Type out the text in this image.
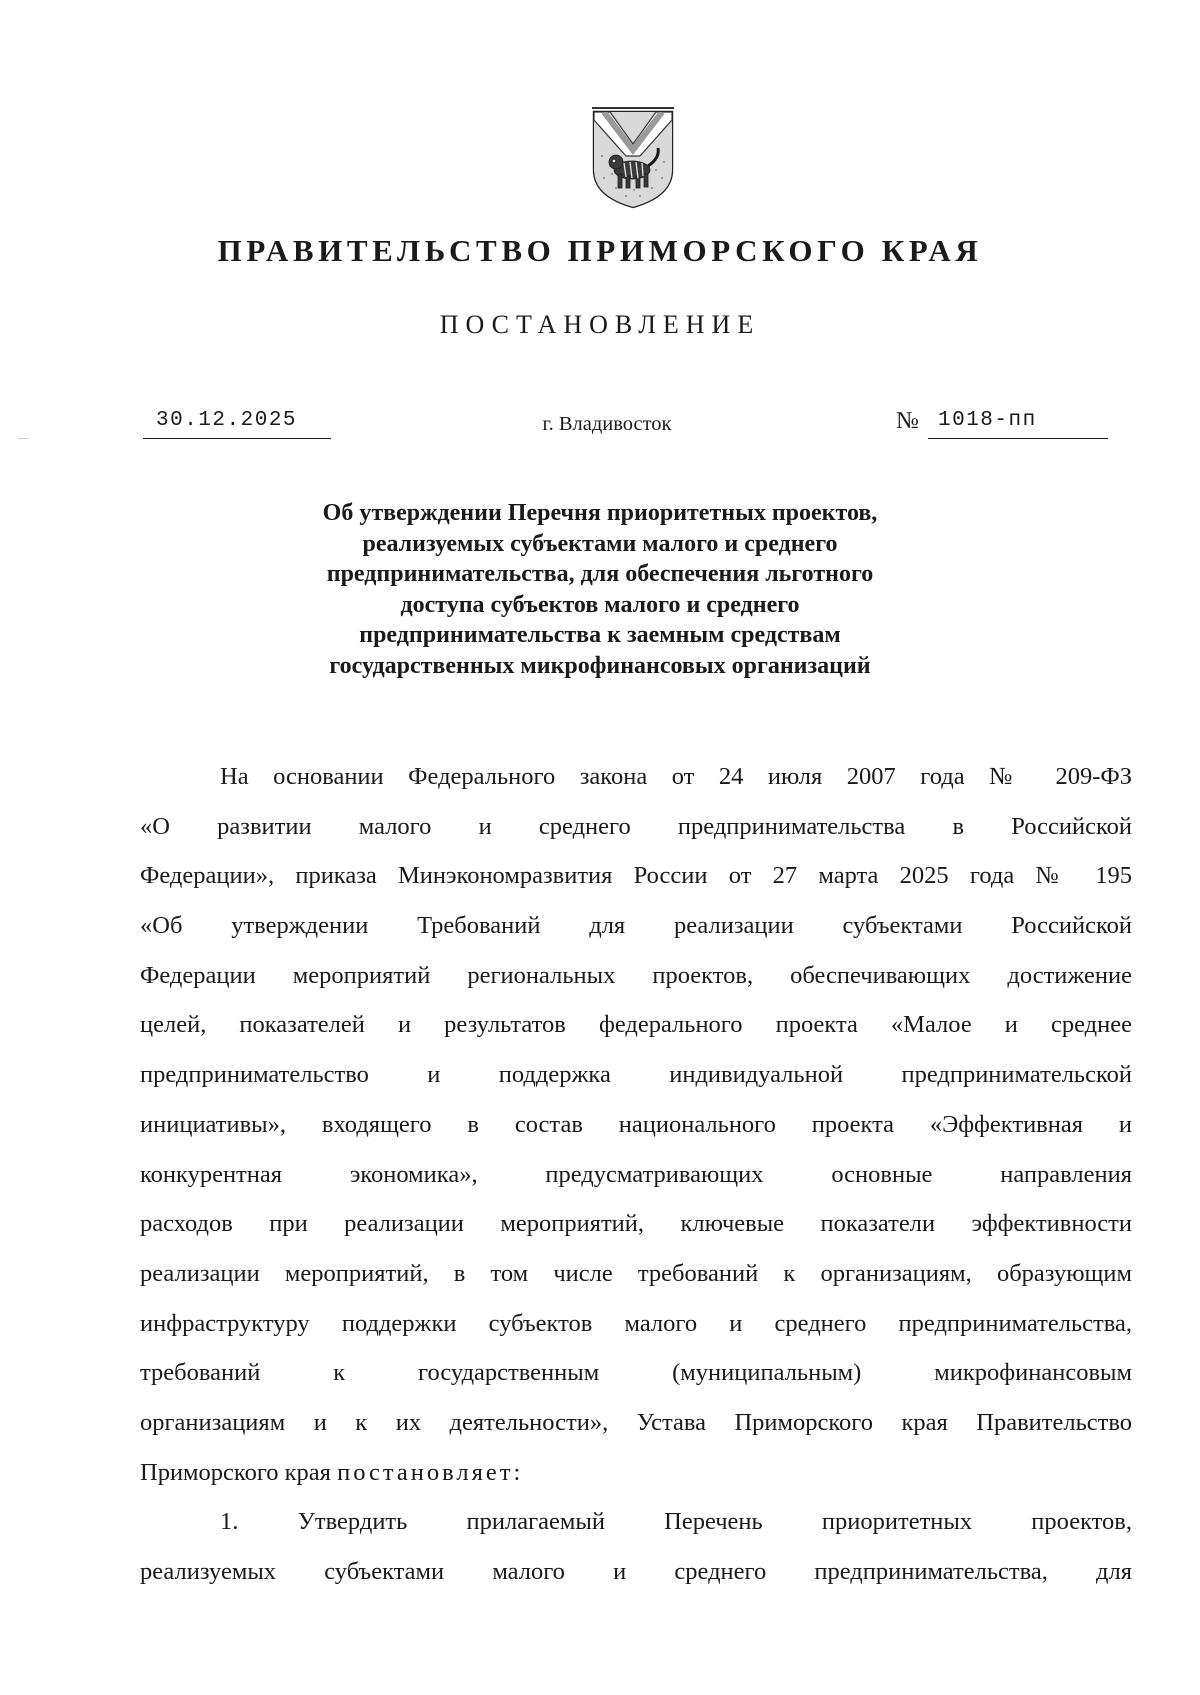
ПРАВИТЕЛЬСТВО ПРИМОРСКОГО КРАЯ
ПОСТАНОВЛЕНИЕ
30.12.2025	г. Владивосток	№ 1018-пп
Об утверждении Перечня приоритетных проектов,
реализуемых субъектами малого и среднего
предпринимательства, для обеспечения льготного
доступа субъектов малого и среднего
предпринимательства к заемным средствам
государственных микрофинансовых организаций
На основании Федерального закона от 24 июля 2007 года № 209-ФЗ
«О развитии малого и среднего предпринимательства в Российской
Федерации», приказа Минэкономразвития России от 27 марта 2025 года № 195
«Об утверждении Требований для реализации субъектами Российской
Федерации мероприятий региональных проектов, обеспечивающих достижение
целей, показателей и результатов федерального проекта «Малое и среднее
предпринимательство и поддержка индивидуальной предпринимательской
инициативы», входящего в состав национального проекта «Эффективная и
конкурентная экономика», предусматривающих основные направления
расходов при реализации мероприятий, ключевые показатели эффективности
реализации мероприятий, в том числе требований к организациям, образующим
инфраструктуру поддержки субъектов малого и среднего предпринимательства,
требований к государственным (муниципальным) микрофинансовым
организациям и к их деятельности», Устава Приморского края Правительство
Приморского края постановляет:
1. Утвердить прилагаемый Перечень приоритетных проектов,
реализуемых субъектами малого и среднего предпринимательства, для
